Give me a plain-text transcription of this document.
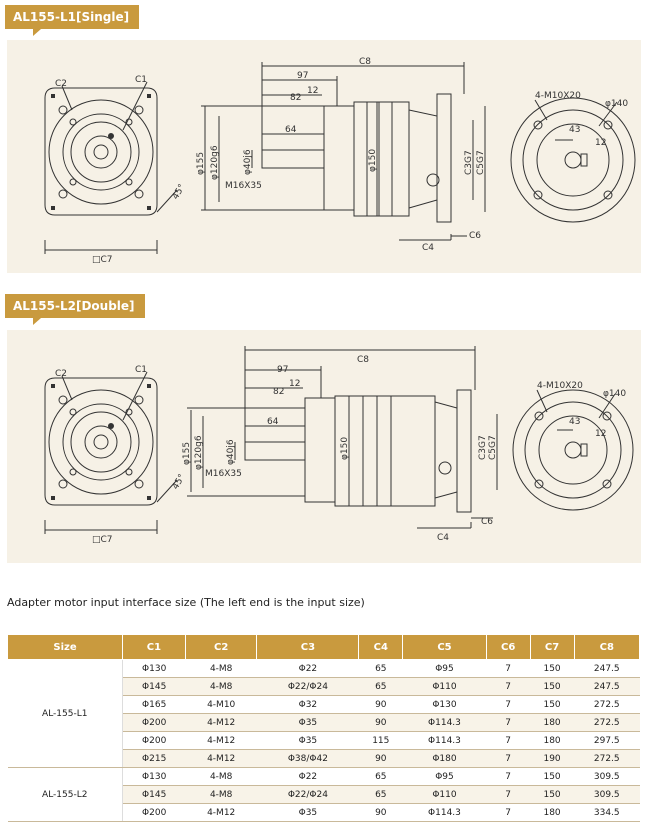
AL155-L1[Single]
C2	C1
□C7
45°
C8
97
12
82
64
φ155 φ120g6	φ40j6
M16X35
φ150	C3G7 C5G7
C4
C6
4-M10X20
φ140
43
12
AL155-L2[Double]
C2	C1
□C7
45°
C8
97
12
82
64
φ155 φ120g6 φ40j6
M16X35
φ150	C3G7 C5G7
C4
C6
4-M10X20
φ140
43
12
Adapter motor input interface size (The left end is the input size)
Size	C1	C2	C3	C4	C5	C6	C7	C8
AL-155-L1	Φ130	4-M8	Φ22	65	Φ95	7	150	247.5
	Φ145	4-M8	Φ22/Φ24	65	Φ110	7	150	247.5
	Φ165	4-M10	Φ32	90	Φ130	7	150	272.5
	Φ200	4-M12	Φ35	90	Φ114.3	7	180	272.5
	Φ200	4-M12	Φ35	115	Φ114.3	7	180	297.5
	Φ215	4-M12	Φ38/Φ42	90	Φ180	7	190	272.5
AL-155-L2	Φ130	4-M8	Φ22	65	Φ95	7	150	309.5
	Φ145	4-M8	Φ22/Φ24	65	Φ110	7	150	309.5
	Φ200	4-M12	Φ35	90	Φ114.3	7	180	334.5
